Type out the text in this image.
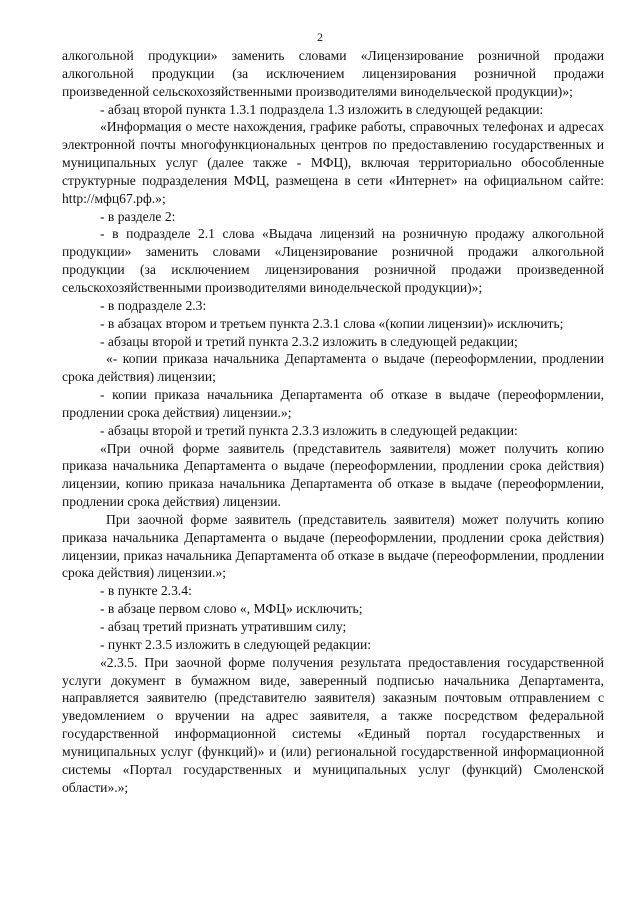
2

алкогольной продукции» заменить словами «Лицензирование розничной продажи алкогольной продукции (за исключением лицензирования розничной продажи произведенной сельскохозяйственными производителями винодельческой продукции)»;

- абзац второй пункта 1.3.1 подраздела 1.3 изложить в следующей редакции:

«Информация о месте нахождения, графике работы, справочных телефонах и адресах электронной почты многофункциональных центров по предоставлению государственных и муниципальных услуг (далее также - МФЦ), включая территориально обособленные структурные подразделения МФЦ, размещена в сети «Интернет» на официальном сайте: http://мфц67.рф.»;

- в разделе 2:

- в подразделе 2.1 слова «Выдача лицензий на розничную продажу алкогольной продукции» заменить словами «Лицензирование розничной продажи алкогольной продукции (за исключением лицензирования розничной продажи произведенной сельскохозяйственными производителями винодельческой продукции)»;

- в подразделе 2.3:

- в абзацах втором и третьем пункта 2.3.1 слова «(копии лицензии)» исключить;

- абзацы второй и третий пункта 2.3.2 изложить в следующей редакции;

«- копии приказа начальника Департамента о выдаче (переоформлении, продлении срока действия) лицензии;

- копии приказа начальника Департамента об отказе в выдаче (переоформлении, продлении срока действия) лицензии.»;

- абзацы второй и третий пункта 2.3.3 изложить в следующей редакции:

«При очной форме заявитель (представитель заявителя) может получить копию приказа начальника Департамента о выдаче (переоформлении, продлении срока действия) лицензии, копию приказа начальника Департамента об отказе в выдаче (переоформлении, продлении срока действия) лицензии.

При заочной форме заявитель (представитель заявителя) может получить копию приказа начальника Департамента о выдаче (переоформлении, продлении срока действия) лицензии, приказ начальника Департамента об отказе в выдаче (переоформлении, продлении срока действия) лицензии.»;

- в пункте 2.3.4:

- в абзаце первом слово «, МФЦ» исключить;

- абзац третий признать утратившим силу;

- пункт 2.3.5 изложить в следующей редакции:

«2.3.5. При заочной форме получения результата предоставления государственной услуги документ в бумажном виде, заверенный подписью начальника Департамента, направляется заявителю (представителю заявителя) заказным почтовым отправлением с уведомлением о вручении на адрес заявителя, а также посредством федеральной государственной информационной системы «Единый портал государственных и муниципальных услуг (функций)» и (или) региональной государственной информационной системы «Портал государственных и муниципальных услуг (функций) Смоленской области».»;
